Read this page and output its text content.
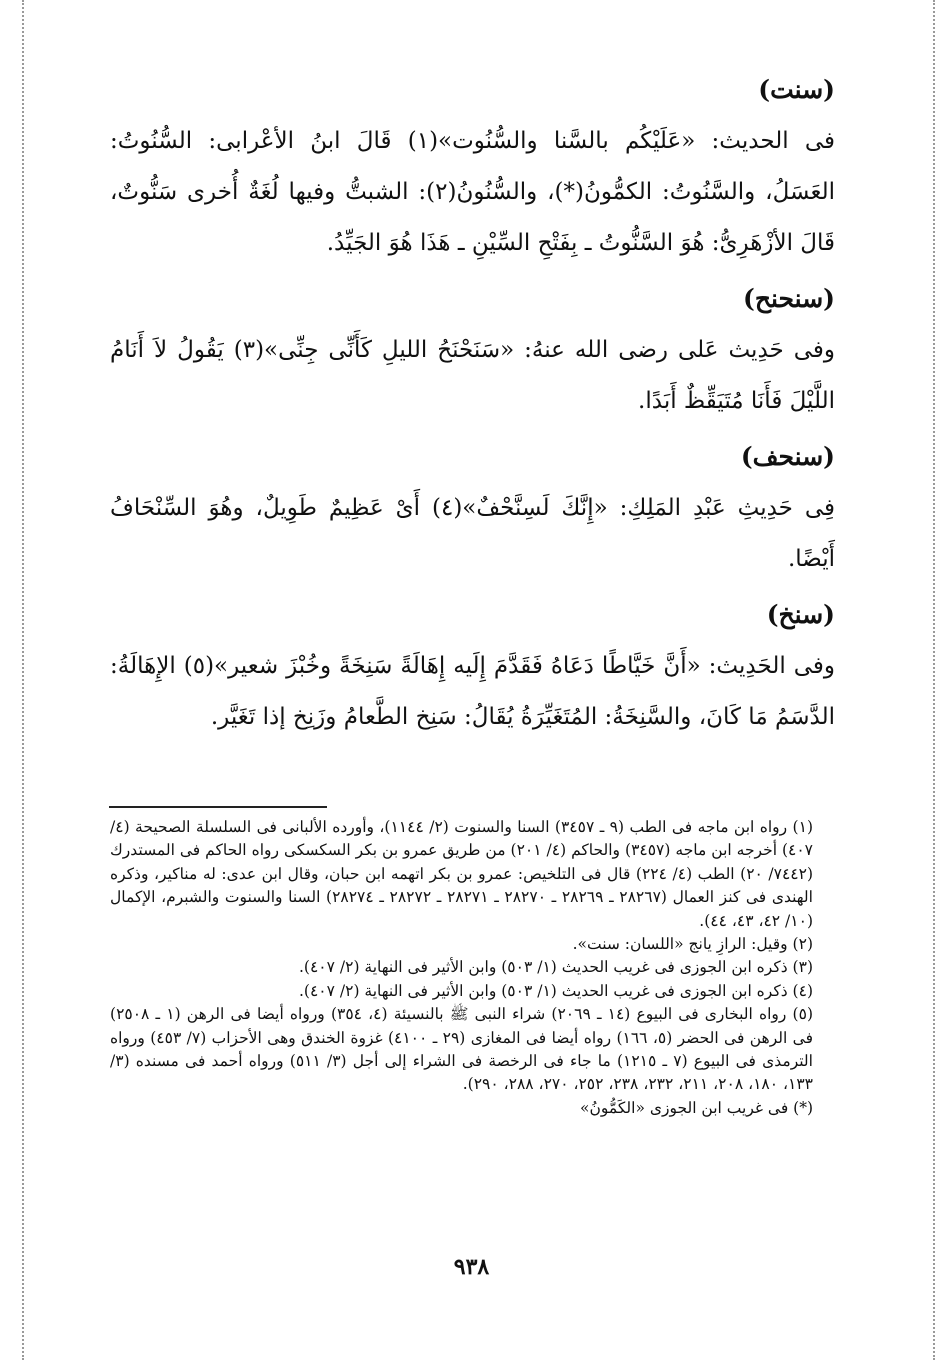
(سنت)

فى الحديث: «عَلَيْكُم بالسَّنا والسُّنُوت»(١) قَالَ ابنُ الأعْرابى: السُّنُوتُ: العَسَلُ، والسَّنُوتُ: الكمُّونُ(*)، والسُّنُونُ(٢): الشبتُّ وفيها لُغَةٌ أُخرى سَنُّوتٌ، قَالَ الأزْهَرِىُّ: هُوَ السَّنُّوتُ ـ بِفَتْحِ السِّيْنِ ـ هَذَا هُوَ الجَيِّدُ.

(سنحنح)

وفى حَدِيث عَلى رضى الله عنهُ: «سَنَحْنَحُ الليلِ كَأَنِّى جِنِّى»(٣) يَقُولُ لاَ أَنَامُ اللَّيْلَ فَأَنَا مُتَيَقِّظٌ أَبَدًا.

(سنحف)

فِى حَدِيثِ عَبْدِ المَلِكِ: «إِنَّكَ لَسِنَّحْفٌ»(٤) أَىْ عَظِيمٌ طَوِيلٌ، وهُوَ السِّنْحَافُ أَيْضًا.

(سنخ)

وفى الحَدِيث: «أَنَّ خَيَّاطًا دَعَاهُ فَقَدَّمَ إِلَيه إِهَالَةً سَنِخَةً وخُبْزَ شعير»(٥) الإِهَالَةُ: الدَّسَمُ مَا كَانَ، والسَّنِخَةُ: المُتَغَيِّرَةُ يُقَالُ: سَنِخ الطَّعامُ وزَنِخ إذا تَغَيَّر.

(١) رواه ابن ماجه فى الطب (٩ ـ ٣٤٥٧) السنا والسنوت (٢/ ١١٤٤)، وأورده الألبانى فى السلسلة الصحيحة (٤/ ٤٠٧) أخرجه ابن ماجه (٣٤٥٧) والحاكم (٤/ ٢٠١) من طريق عمرو بن بكر السكسكى رواه الحاكم فى المستدرك (٧٤٤٢/ ٢٠) الطب (٤/ ٢٢٤) قال فى التلخيص: عمرو بن بكر اتهمه ابن حبان، وقال ابن عدى: له مناكير، وذكره الهندى فى كنز العمال (٢٨٢٦٧ ـ ٢٨٢٦٩ ـ ٢٨٢٧٠ ـ ٢٨٢٧١ ـ ٢٨٢٧٢ ـ ٢٨٢٧٤) السنا والسنوت والشبرم، الإكمال (١٠/ ٤٢، ٤٣، ٤٤).

(٢) وقيل: الرازِ يانج «اللسان: سنت».

(٣) ذكره ابن الجوزى فى غريب الحديث (١/ ٥٠٣) وابن الأثير فى النهاية (٢/ ٤٠٧).

(٤) ذكره ابن الجوزى فى غريب الحديث (١/ ٥٠٣) وابن الأثير فى النهاية (٢/ ٤٠٧).

(٥) رواه البخارى فى البيوع (١٤ ـ ٢٠٦٩) شراء النبى ﷺ بالنسيئة (٤، ٣٥٤) ورواه أيضا فى الرهن (١ ـ ٢٥٠٨) فى الرهن فى الحضر (٥، ١٦٦) رواه أيضا فى المغازى (٢٩ ـ ٤١٠٠) غزوة الخندق وهى الأحزاب (٧/ ٤٥٣) ورواه الترمذى فى البيوع (٧ ـ ١٢١٥) ما جاء فى الرخصة فى الشراء إلى أجل (٣/ ٥١١) ورواه أحمد فى مسنده (٣/ ١٣٣، ١٨٠، ٢٠٨، ٢١١، ٢٣٢، ٢٣٨، ٢٥٢، ٢٧٠، ٢٨٨، ٢٩٠).

(*) فى غريب ابن الجوزى «الكَمُّونُ»

٩٣٨
